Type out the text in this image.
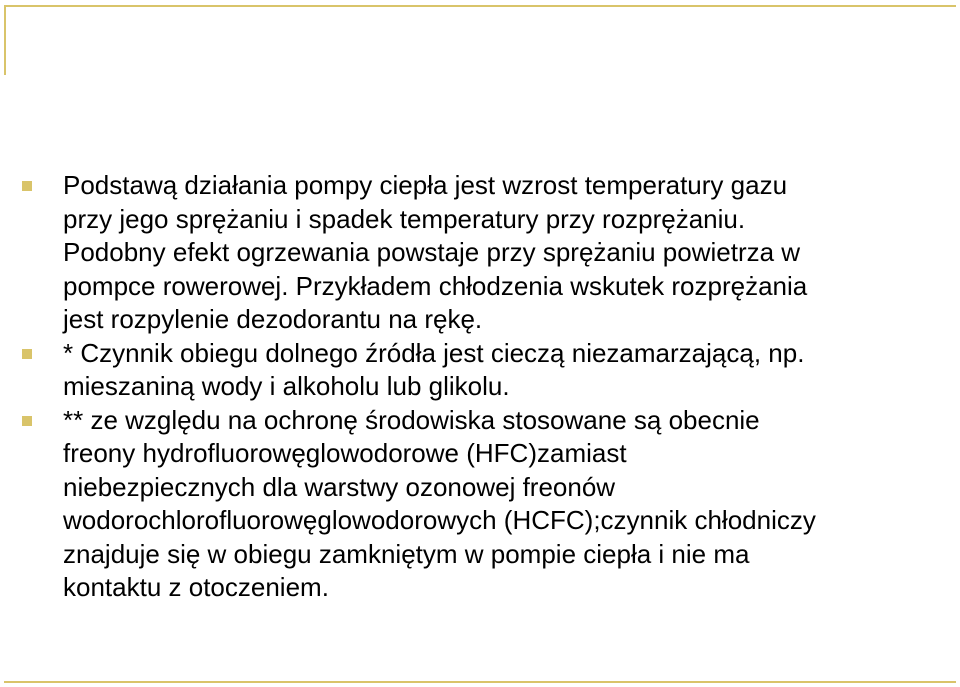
Podstawą działania pompy ciepła jest wzrost temperatury gazu
przy jego sprężaniu i spadek temperatury przy rozprężaniu.
Podobny efekt ogrzewania powstaje przy sprężaniu powietrza w
pompce rowerowej. Przykładem chłodzenia wskutek rozprężania
jest rozpylenie dezodorantu na rękę.
* Czynnik obiegu dolnego źródła jest cieczą niezamarzającą, np.
mieszaniną wody i alkoholu lub glikolu.
** ze względu na ochronę środowiska stosowane są obecnie
freony hydrofluorowęglowodorowe (HFC)zamiast
niebezpiecznych dla warstwy ozonowej freonów
wodorochlorofluorowęglowodorowych (HCFC);czynnik chłodniczy
znajduje się w obiegu zamkniętym w pompie ciepła i nie ma
kontaktu z otoczeniem.
